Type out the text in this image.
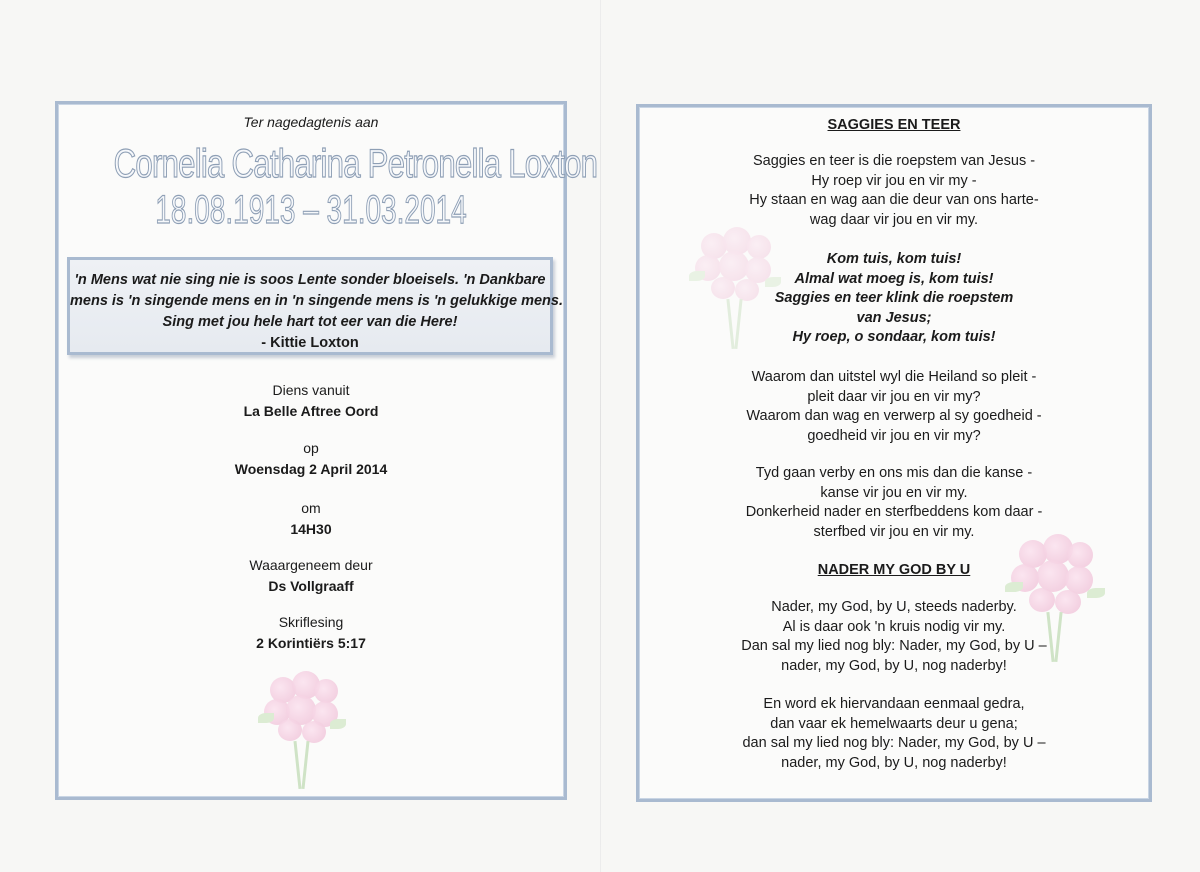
Ter nagedagtenis aan
Cornelia Catharina Petronella Loxton
18.08.1913 – 31.03.2014
'n Mens wat nie sing nie is soos Lente sonder bloeisels. 'n Dankbare
mens is 'n singende mens en in 'n singende mens is 'n gelukkige mens.
Sing met jou hele hart tot eer van die Here!
- Kittie Loxton
Diens vanuit
La Belle Aftree Oord
op
Woensdag 2 April 2014
om
14H30
Waaargeneem deur
Ds Vollgraaff
Skriflesing
2 Korintiërs 5:17
SAGGIES EN TEER
Saggies en teer is die roepstem van Jesus -
Hy roep vir jou en vir my -
Hy staan en wag aan die deur van ons harte-
wag daar vir jou en vir my.
Kom tuis, kom tuis!
Almal wat moeg is, kom tuis!
Saggies en teer klink die roepstem
van Jesus;
Hy roep, o sondaar, kom tuis!
Waarom dan uitstel wyl die Heiland so pleit -
pleit daar vir jou en vir my?
Waarom dan wag en verwerp al sy goedheid -
goedheid vir jou en vir my?
Tyd gaan verby en ons mis dan die kanse -
kanse vir jou en vir my.
Donkerheid nader en sterfbeddens kom daar -
sterfbed vir jou en vir my.
NADER MY GOD BY U
Nader, my God, by U, steeds naderby.
Al is daar ook 'n kruis nodig vir my.
Dan sal my lied nog bly: Nader, my God, by U –
nader, my God, by U, nog naderby!
En word ek hiervandaan eenmaal gedra,
dan vaar ek hemelwaarts deur u gena;
dan sal my lied nog bly: Nader, my God, by U –
nader, my God, by U, nog naderby!
